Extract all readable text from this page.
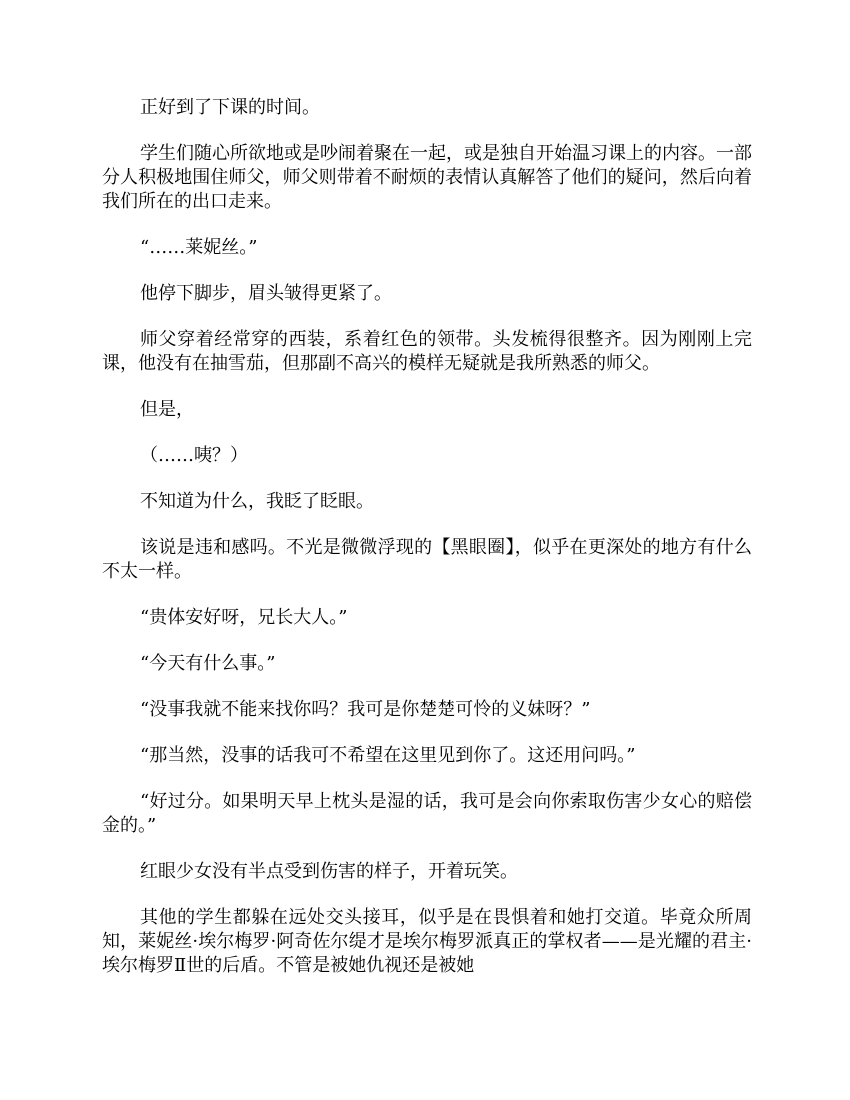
正好到了下课的时间。

学生们随心所欲地或是吵闹着聚在一起，或是独自开始温习课上的内容。一部分人积极地围住师父，师父则带着不耐烦的表情认真解答了他们的疑问，然后向着我们所在的出口走来。

“……莱妮丝。”

他停下脚步，眉头皱得更紧了。

师父穿着经常穿的西装，系着红色的领带。头发梳得很整齐。因为刚刚上完课，他没有在抽雪茄，但那副不高兴的模样无疑就是我所熟悉的师父。

但是，

（……咦？）

不知道为什么，我眨了眨眼。

该说是违和感吗。不光是微微浮现的【黑眼圈】，似乎在更深处的地方有什么不太一样。

“贵体安好呀，兄长大人。”

“今天有什么事。”

“没事我就不能来找你吗？我可是你楚楚可怜的义妹呀？”

“那当然，没事的话我可不希望在这里见到你了。这还用问吗。”

“好过分。如果明天早上枕头是湿的话，我可是会向你索取伤害少女心的赔偿金的。”

红眼少女没有半点受到伤害的样子，开着玩笑。

其他的学生都躲在远处交头接耳，似乎是在畏惧着和她打交道。毕竟众所周知，莱妮丝·埃尔梅罗·阿奇佐尔缇才是埃尔梅罗派真正的掌权者——是光耀的君主·埃尔梅罗Ⅱ世的后盾。不管是被她仇视还是被她
